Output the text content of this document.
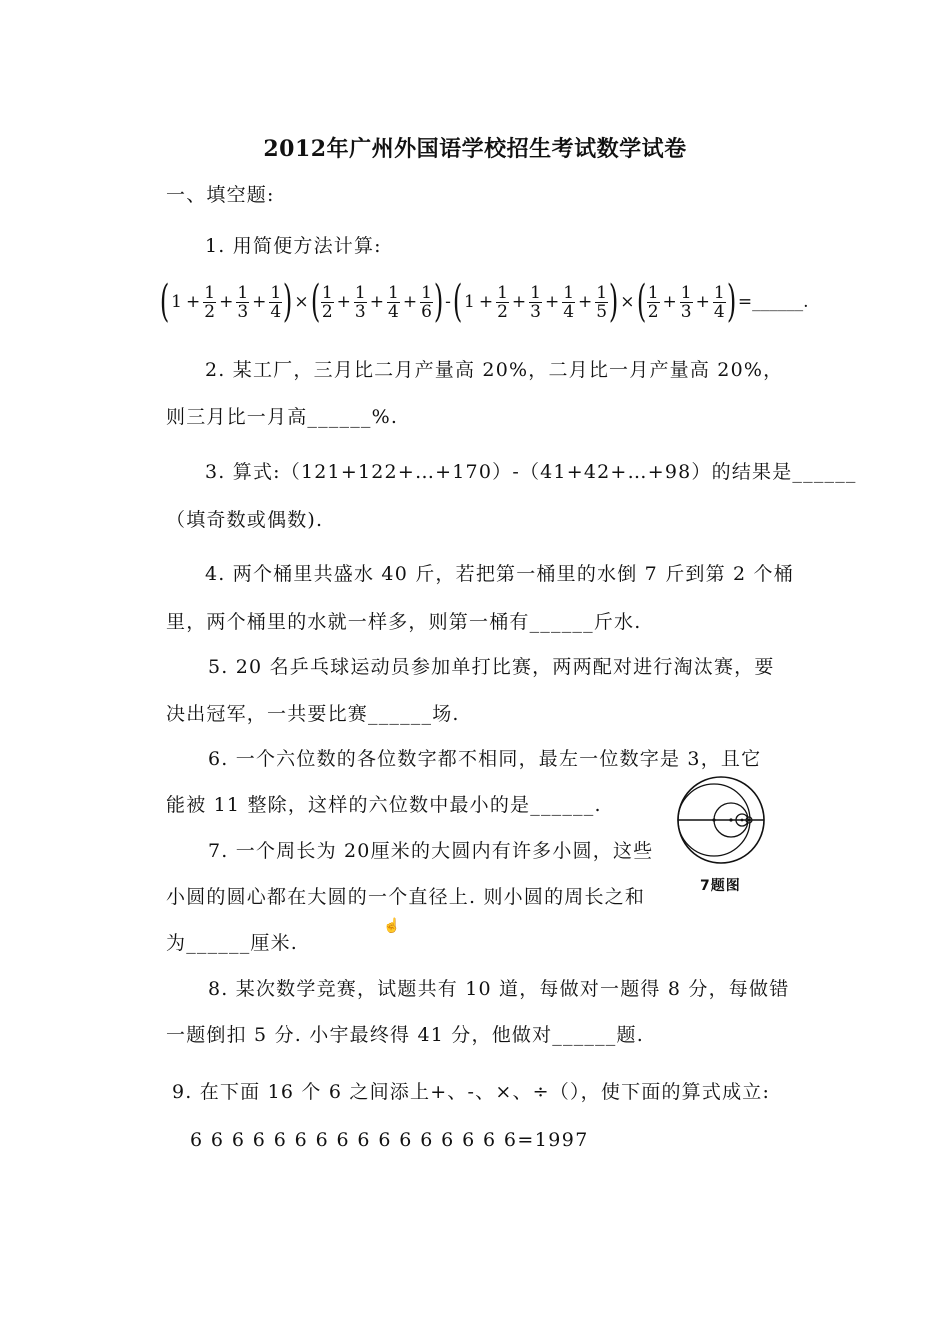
2012年广州外国语学校招生考试数学试卷
一、填空题:
1. 用简便方法计算:
( $1 + \frac{1}{2} + \frac{1}{3} + \frac{1}{4}$ ) × ( $\frac{1}{2} + \frac{1}{3} + \frac{1}{4} + \frac{1}{6}$ ) - ( $1 + \frac{1}{2} + \frac{1}{3} + \frac{1}{4} + \frac{1}{5}$ ) × ( $\frac{1}{2} + \frac{1}{3} + \frac{1}{4}$ ) =______.
2. 某工厂，三月比二月产量高 20%，二月比一月产量高 20%，
则三月比一月高______%.
3. 算式:（121+122+…+170）-（41+42+…+98）的结果是______
（填奇数或偶数).
4. 两个桶里共盛水 40 斤，若把第一桶里的水倒 7 斤到第 2 个桶
里，两个桶里的水就一样多，则第一桶有______斤水.
5. 20 名乒乓球运动员参加单打比赛，两两配对进行淘汰赛，要
决出冠军，一共要比赛______场.
6. 一个六位数的各位数字都不相同，最左一位数字是 3，且它
能被 11 整除，这样的六位数中最小的是______.
7. 一个周长为 20厘米的大圆内有许多小圆，这些
小圆的圆心都在大圆的一个直径上. 则小圆的周长之和
为______厘米.
7题图
☝
8. 某次数学竞赛，试题共有 10 道，每做对一题得 8 分，每做错
一题倒扣 5 分. 小宇最终得 41 分，他做对______题.
9. 在下面 16 个 6 之间添上+、-、×、÷（），使下面的算式成立:
6 6 6 6 6 6 6 6 6 6 6 6 6 6 6 6=1997
